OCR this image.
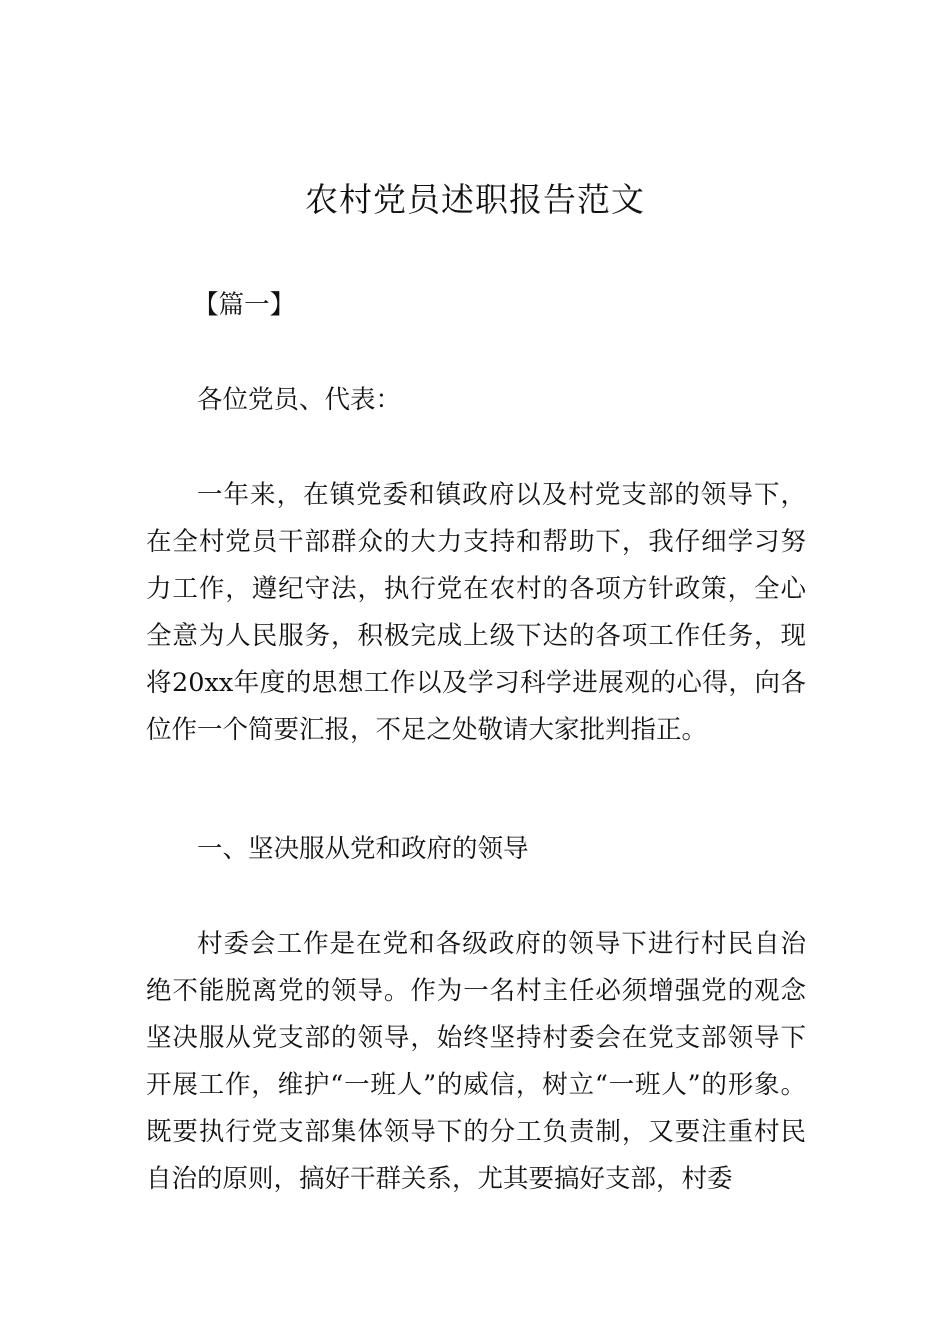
农村党员述职报告范文

【篇一】

各位党员、代表：

一年来，在镇党委和镇政府以及村党支部的领导下，在全村党员干部群众的大力支持和帮助下，我仔细学习努力工作，遵纪守法，执行党在农村的各项方针政策，全心全意为人民服务，积极完成上级下达的各项工作任务，现将20xx年度的思想工作以及学习科学进展观的心得，向各位作一个简要汇报，不足之处敬请大家批判指正。

一、坚决服从党和政府的领导

村委会工作是在党和各级政府的领导下进行村民自治绝不能脱离党的领导。作为一名村主任必须增强党的观念坚决服从党支部的领导，始终坚持村委会在党支部领导下开展工作，维护“一班人”的威信，树立“一班人”的形象。既要执行党支部集体领导下的分工负责制，又要注重村民自治的原则，搞好干群关系，尤其要搞好支部，村委
